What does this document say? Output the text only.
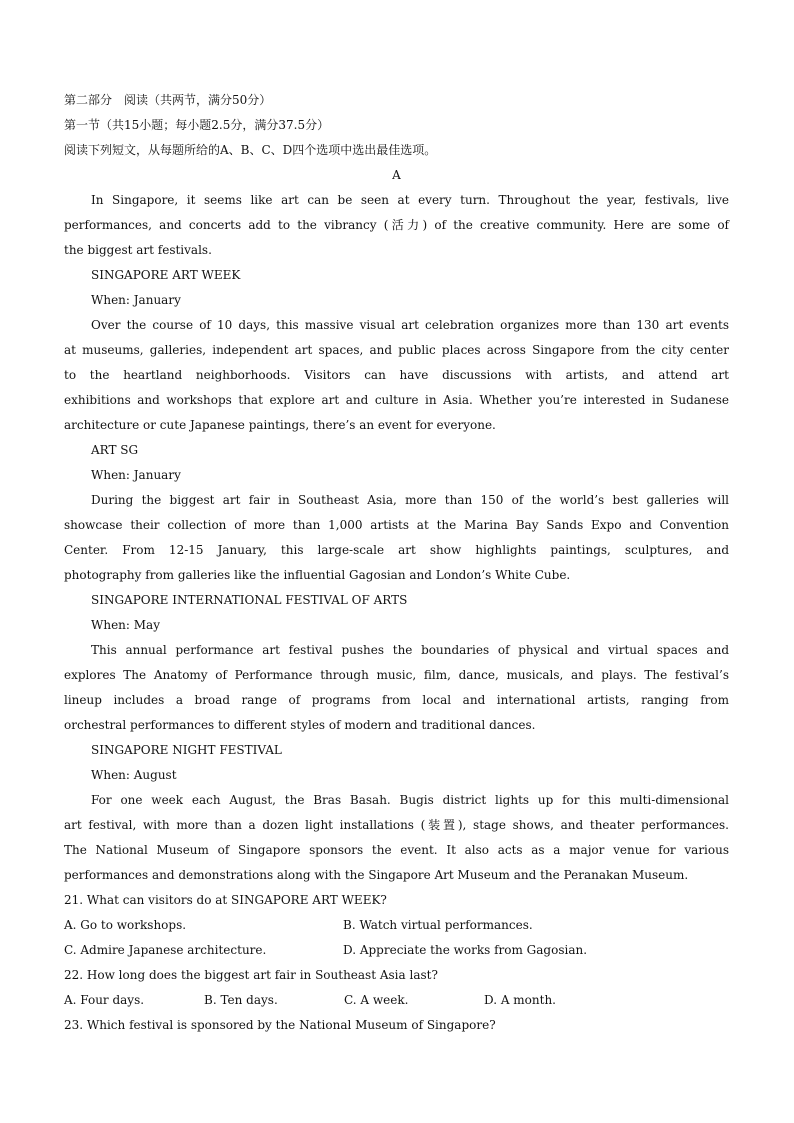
第二部分　阅读（共两节，满分50分）
第一节（共15小题；每小题2.5分，满分37.5分）
阅读下列短文，从每题所给的A、B、C、D四个选项中选出最佳选项。
A
In Singapore, it seems like art can be seen at every turn. Throughout the year, festivals, live
performances, and concerts add to the vibrancy (活力) of the creative community. Here are some of
the biggest art festivals.
SINGAPORE ART WEEK
When: January
Over the course of 10 days, this massive visual art celebration organizes more than 130 art events
at museums, galleries, independent art spaces, and public places across Singapore from the city center
to the heartland neighborhoods. Visitors can have discussions with artists, and attend art
exhibitions and workshops that explore art and culture in Asia. Whether you’re interested in Sudanese
architecture or cute Japanese paintings, there’s an event for everyone.
ART SG
When: January
During the biggest art fair in Southeast Asia, more than 150 of the world’s best galleries will
showcase their collection of more than 1,000 artists at the Marina Bay Sands Expo and Convention
Center. From 12-15 January, this large-scale art show highlights paintings, sculptures, and
photography from galleries like the influential Gagosian and London’s White Cube.
SINGAPORE INTERNATIONAL FESTIVAL OF ARTS
When: May
This annual performance art festival pushes the boundaries of physical and virtual spaces and
explores The Anatomy of Performance through music, film, dance, musicals, and plays. The festival’s
lineup includes a broad range of programs from local and international artists, ranging from
orchestral performances to different styles of modern and traditional dances.
SINGAPORE NIGHT FESTIVAL
When: August
For one week each August, the Bras Basah. Bugis district lights up for this multi-dimensional
art festival, with more than a dozen light installations (装置), stage shows, and theater performances.
The National Museum of Singapore sponsors the event. It also acts as a major venue for various
performances and demonstrations along with the Singapore Art Museum and the Peranakan Museum.
21. What can visitors do at SINGAPORE ART WEEK?
A. Go to workshops.	B. Watch virtual performances.
C. Admire Japanese architecture.	D. Appreciate the works from Gagosian.
22. How long does the biggest art fair in Southeast Asia last?
A. Four days.	B. Ten days.	C. A week.	D. A month.
23. Which festival is sponsored by the National Museum of Singapore?
